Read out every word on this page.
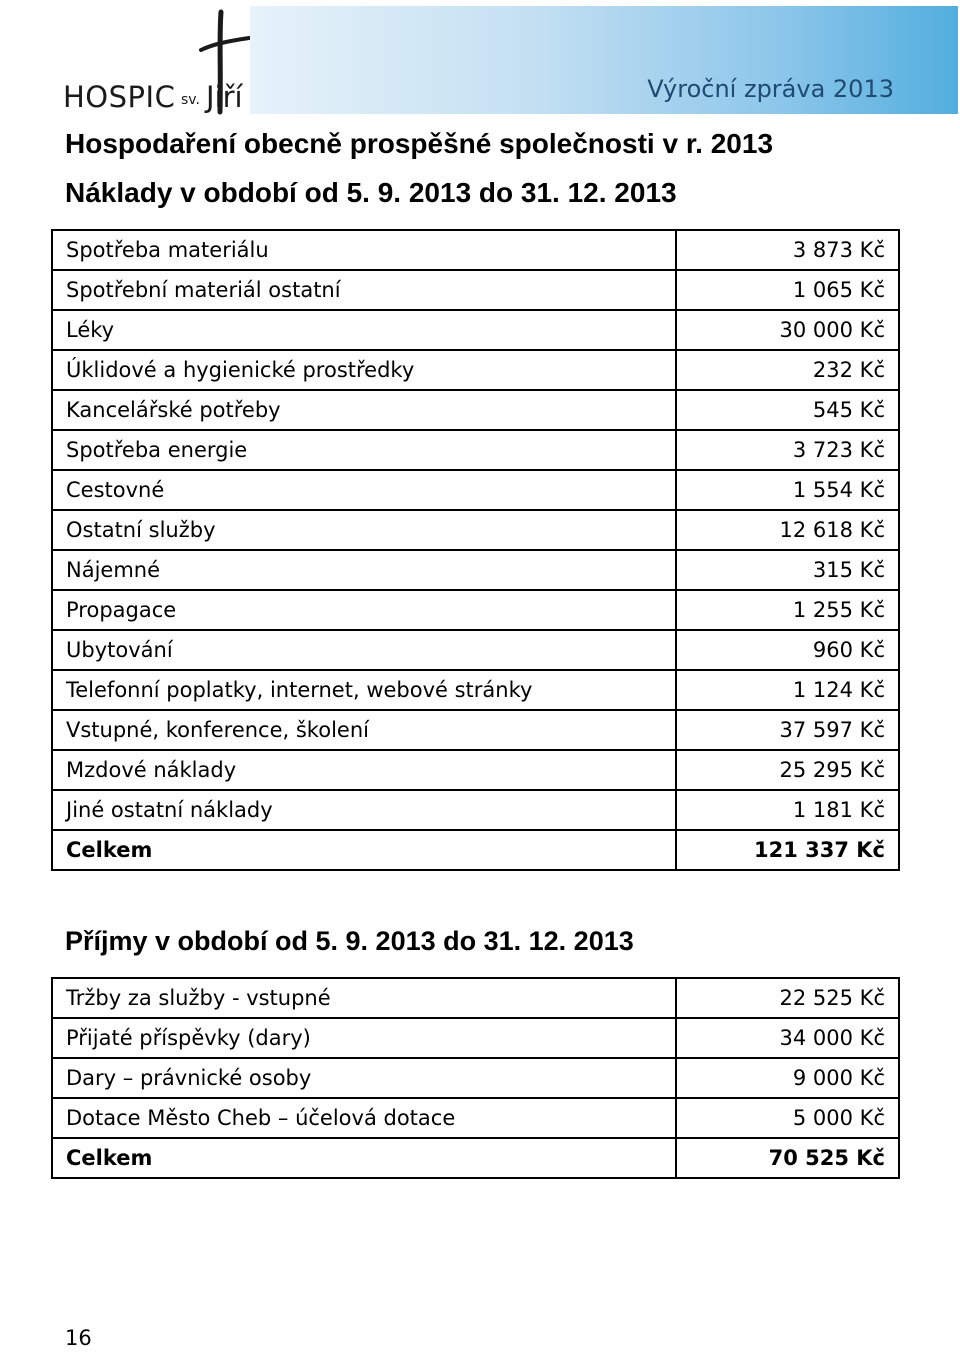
HOSPIC sv. Jiří	Výroční zpráva 2013
Hospodaření obecně prospěšné společnosti v r. 2013
Náklady v období od 5. 9. 2013 do 31. 12. 2013
Spotřeba materiálu	3 873 Kč
Spotřební materiál ostatní	1 065 Kč
Léky	30 000 Kč
Úklidové a hygienické prostředky	232 Kč
Kancelářské potřeby	545 Kč
Spotřeba energie	3 723 Kč
Cestovné	1 554 Kč
Ostatní služby	12 618 Kč
Nájemné	315 Kč
Propagace	1 255 Kč
Ubytování	960 Kč
Telefonní poplatky, internet, webové stránky	1 124 Kč
Vstupné, konference, školení	37 597 Kč
Mzdové náklady	25 295 Kč
Jiné ostatní náklady	1 181 Kč
Celkem	121 337 Kč
Příjmy v období od 5. 9. 2013 do 31. 12. 2013
Tržby za služby - vstupné	22 525 Kč
Přijaté příspěvky (dary)	34 000 Kč
Dary – právnické osoby	9 000 Kč
Dotace Město Cheb – účelová dotace	5 000 Kč
Celkem	70 525 Kč
16
